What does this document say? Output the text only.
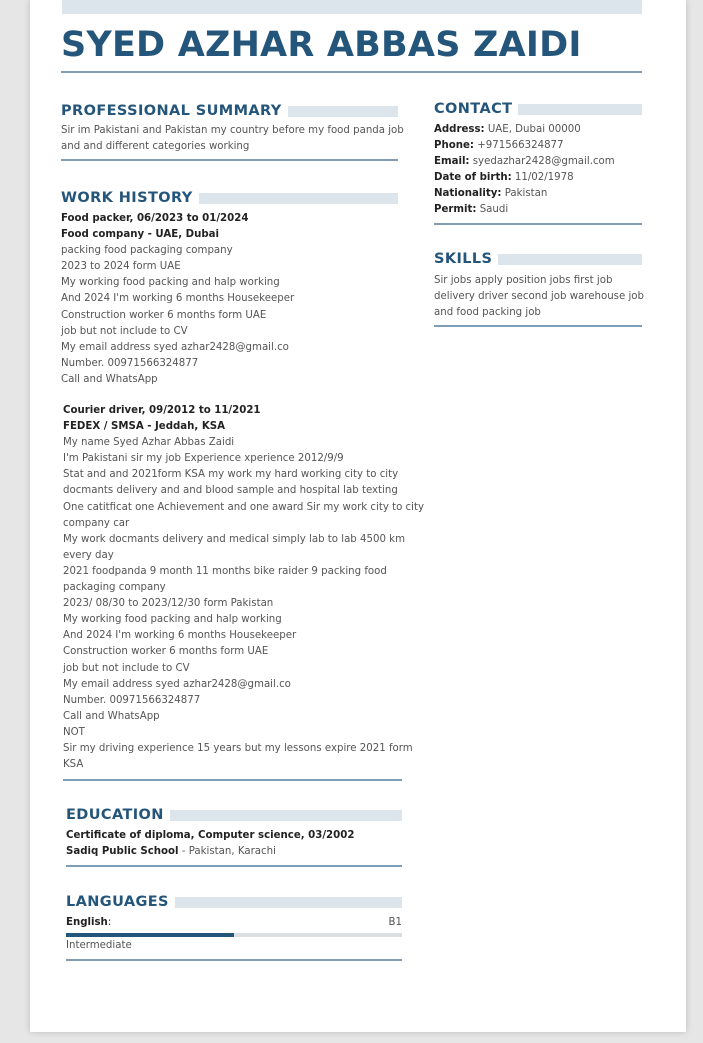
SYED AZHAR ABBAS ZAIDI
PROFESSIONAL SUMMARY
Sir im Pakistani and Pakistan my country before my food panda job
and and different categories working
WORK HISTORY
Food packer, 06/2023 to 01/2024
Food company - UAE, Dubai
packing food packaging company
2023 to 2024 form UAE
My working food packing and halp working
And 2024 I'm working 6 months Housekeeper
Construction worker 6 months form UAE
job but not include to CV
My email address syed azhar2428@gmail.co
Number. 00971566324877
Call and WhatsApp
Courier driver, 09/2012 to 11/2021
FEDEX / SMSA - Jeddah, KSA
My name Syed Azhar Abbas Zaidi
I'm Pakistani sir my job Experience xperience 2012/9/9
Stat and and 2021form KSA my work my hard working city to city
docmants delivery and and blood sample and hospital lab texting
One catitficat one Achievement and one award Sir my work city to city
company car
My work docmants delivery and medical simply lab to lab 4500 km
every day
2021 foodpanda 9 month 11 months bike raider 9 packing food
packaging company
2023/ 08/30 to 2023/12/30 form Pakistan
My working food packing and halp working
And 2024 I'm working 6 months Housekeeper
Construction worker 6 months form UAE
job but not include to CV
My email address syed azhar2428@gmail.co
Number. 00971566324877
Call and WhatsApp
NOT
Sir my driving experience 15 years but my lessons expire 2021 form
KSA
EDUCATION
Certificate of diploma, Computer science, 03/2002
Sadiq Public School - Pakistan, Karachi
LANGUAGES
English:	B1
Intermediate
CONTACT
Address: UAE, Dubai 00000
Phone: +971566324877
Email: syedazhar2428@gmail.com
Date of birth: 11/02/1978
Nationality: Pakistan
Permit: Saudi
SKILLS
Sir jobs apply position jobs first job
delivery driver second job warehouse job
and food packing job
